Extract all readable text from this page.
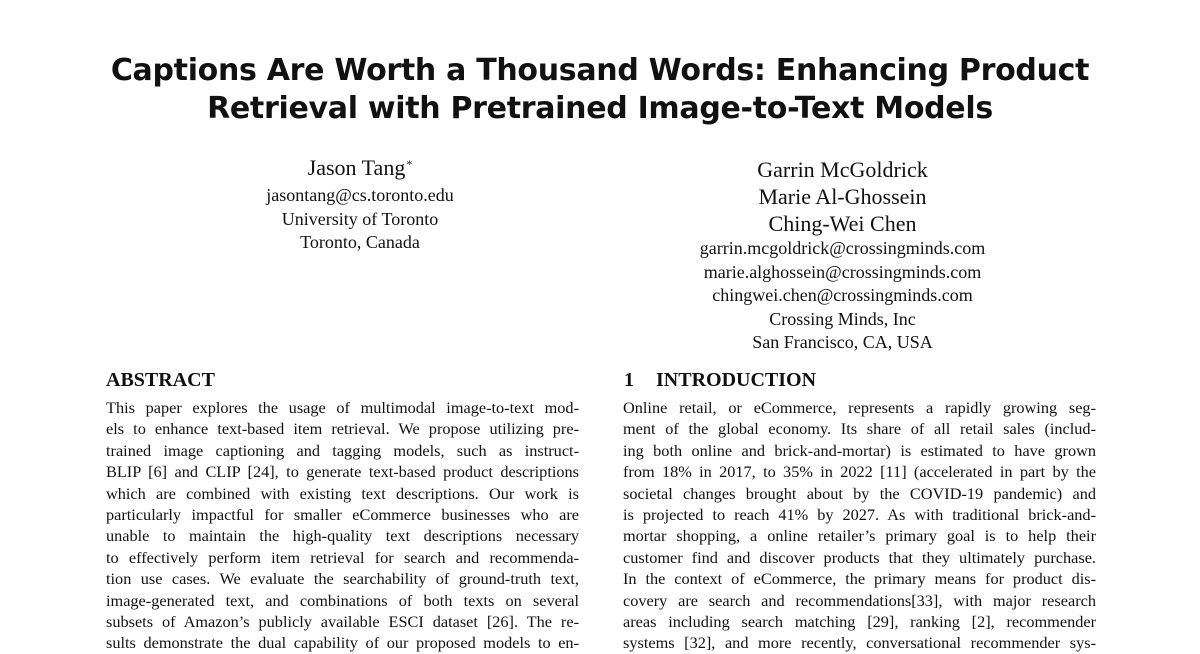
Captions Are Worth a Thousand Words: Enhancing Product
Retrieval with Pretrained Image-to-Text Models
Jason Tang*
jasontang@cs.toronto.edu
University of Toronto
Toronto, Canada
Garrin McGoldrick
Marie Al-Ghossein
Ching-Wei Chen
garrin.mcgoldrick@crossingminds.com
marie.alghossein@crossingminds.com
chingwei.chen@crossingminds.com
Crossing Minds, Inc
San Francisco, CA, USA
ABSTRACT	1 INTRODUCTION
This paper explores the usage of multimodal image-to-text mod-
els to enhance text-based item retrieval. We propose utilizing pre-
trained image captioning and tagging models, such as instruct-
BLIP [6] and CLIP [24], to generate text-based product descriptions
which are combined with existing text descriptions. Our work is
particularly impactful for smaller eCommerce businesses who are
unable to maintain the high-quality text descriptions necessary
to effectively perform item retrieval for search and recommenda-
tion use cases. We evaluate the searchability of ground-truth text,
image-generated text, and combinations of both texts on several
subsets of Amazon’s publicly available ESCI dataset [26]. The re-
sults demonstrate the dual capability of our proposed models to en-
Online retail, or eCommerce, represents a rapidly growing seg-
ment of the global economy. Its share of all retail sales (includ-
ing both online and brick-and-mortar) is estimated to have grown
from 18% in 2017, to 35% in 2022 [11] (accelerated in part by the
societal changes brought about by the COVID-19 pandemic) and
is projected to reach 41% by 2027. As with traditional brick-and-
mortar shopping, a online retailer’s primary goal is to help their
customer find and discover products that they ultimately purchase.
In the context of eCommerce, the primary means for product dis-
covery are search and recommendations[33], with major research
areas including search matching [29], ranking [2], recommender
systems [32], and more recently, conversational recommender sys-
